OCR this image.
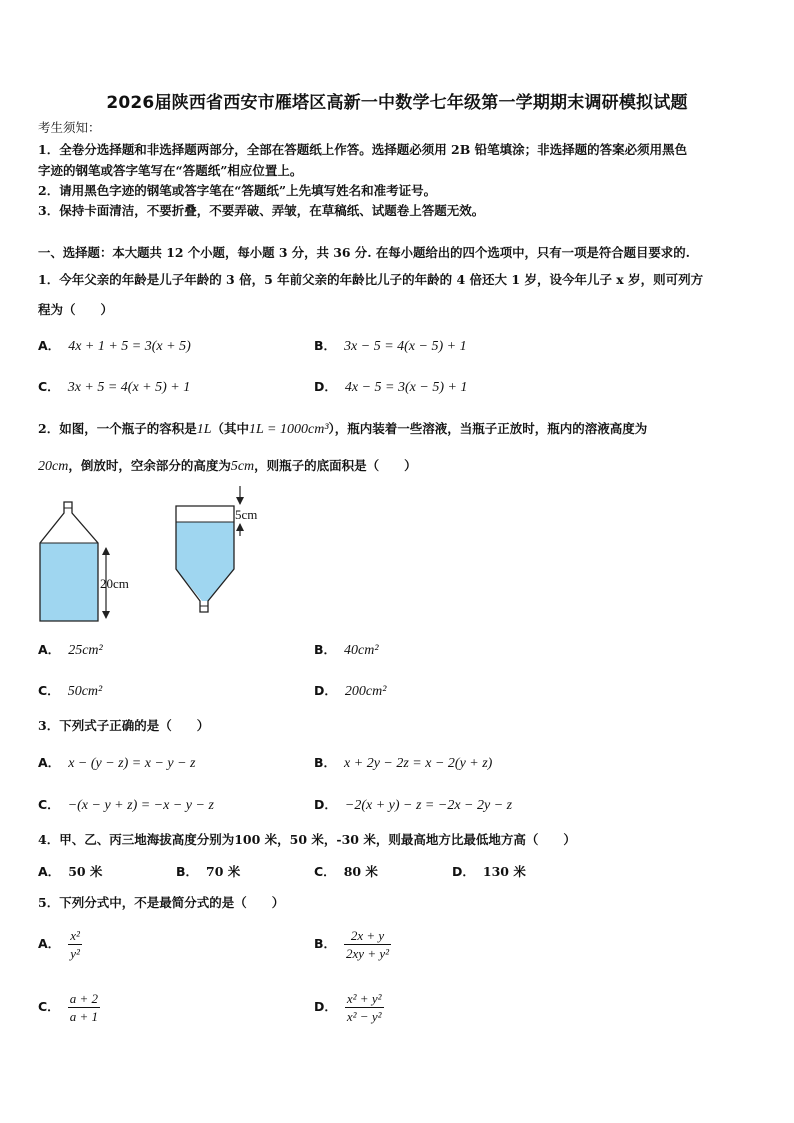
2026届陕西省西安市雁塔区高新一中数学七年级第一学期期末调研模拟试题
考生须知：
1．全卷分选择题和非选择题两部分，全部在答题纸上作答。选择题必须用 2B 铅笔填涂；非选择题的答案必须用黑色
字迹的钢笔或答字笔写在“答题纸”相应位置上。
2．请用黑色字迹的钢笔或答字笔在“答题纸”上先填写姓名和准考证号。
3．保持卡面清洁，不要折叠，不要弄破、弄皱，在草稿纸、试题卷上答题无效。
一、选择题：本大题共 12 个小题，每小题 3 分，共 36 分. 在每小题给出的四个选项中，只有一项是符合题目要求的.
1．今年父亲的年龄是儿子年龄的 3 倍，5 年前父亲的年龄比儿子的年龄的 4 倍还大 1 岁，设今年儿子 x 岁，则可列方
程为（　　）
A． 4x + 1 + 5 = 3(x + 5)	B． 3x − 5 = 4(x − 5) + 1
C． 3x + 5 = 4(x + 5) + 1	D． 4x − 5 = 3(x − 5) + 1
2．如图，一个瓶子的容积是1L（其中1L = 1000cm³），瓶内装着一些溶液，当瓶子正放时，瓶内的溶液高度为
20cm，倒放时，空余部分的高度为5cm，则瓶子的底面积是（　　）
20cm
5cm
A． 25cm²	B． 40cm²
C． 50cm²	D． 200cm²
3．下列式子正确的是（　　）
A． x − (y − z) = x − y − z	B． x + 2y − 2z = x − 2(y + z)
C． −(x − y + z) = −x − y − z	D． −2(x + y) − z = −2x − 2y − z
4．甲、乙、丙三地海拔高度分别为100 米，50 米，-30 米，则最高地方比最低地方高（　　）
A． 50 米	B． 70 米	C． 80 米	D． 130 米
5．下列分式中，不是最简分式的是（　　）
A． $\frac{\text{x²}}{\text{y²}}$	B． $\frac{2x + y}{\text{2xy + y²}}$
C． $\frac{a + 2}{a + 1}$	D． $\frac{\text{x² + y²}}{\text{x² − y²}}$
